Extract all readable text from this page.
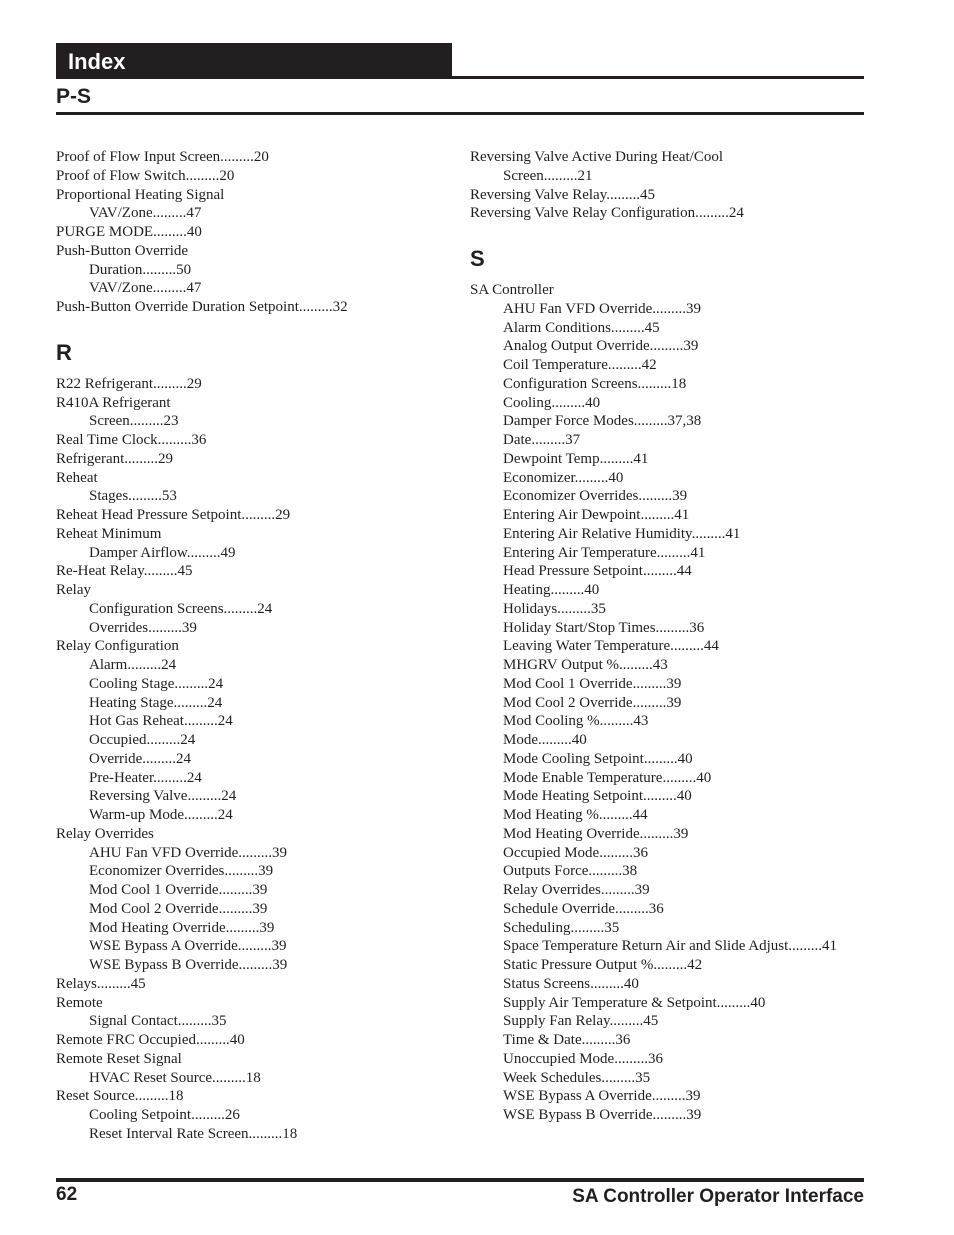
Index
P-S
Proof of Flow Input Screen.........20
Proof of Flow Switch.........20
Proportional Heating Signal
VAV/Zone.........47
PURGE MODE.........40
Push-Button Override
Duration.........50
VAV/Zone.........47
Push-Button Override Duration Setpoint.........32
R
R22 Refrigerant.........29
R410A Refrigerant
Screen.........23
Real Time Clock.........36
Refrigerant.........29
Reheat
Stages.........53
Reheat Head Pressure Setpoint.........29
Reheat Minimum
Damper Airflow.........49
Re-Heat Relay.........45
Relay
Configuration Screens.........24
Overrides.........39
Relay Configuration
Alarm.........24
Cooling Stage.........24
Heating Stage.........24
Hot Gas Reheat.........24
Occupied.........24
Override.........24
Pre-Heater.........24
Reversing Valve.........24
Warm-up Mode.........24
Relay Overrides
AHU Fan VFD Override.........39
Economizer Overrides.........39
Mod Cool 1 Override.........39
Mod Cool 2 Override.........39
Mod Heating Override.........39
WSE Bypass A Override.........39
WSE Bypass B Override.........39
Relays.........45
Remote
Signal Contact.........35
Remote FRC Occupied.........40
Remote Reset Signal
HVAC Reset Source.........18
Reset Source.........18
Cooling Setpoint.........26
Reset Interval Rate Screen.........18
Reversing Valve Active During Heat/Cool
Screen.........21
Reversing Valve Relay.........45
Reversing Valve Relay Configuration.........24
S
SA Controller
AHU Fan VFD Override.........39
Alarm Conditions.........45
Analog Output Override.........39
Coil Temperature.........42
Configuration Screens.........18
Cooling.........40
Damper Force Modes.........37,38
Date.........37
Dewpoint Temp.........41
Economizer.........40
Economizer Overrides.........39
Entering Air Dewpoint.........41
Entering Air Relative Humidity.........41
Entering Air Temperature.........41
Head Pressure Setpoint.........44
Heating.........40
Holidays.........35
Holiday Start/Stop Times.........36
Leaving Water Temperature.........44
MHGRV Output %.........43
Mod Cool 1 Override.........39
Mod Cool 2 Override.........39
Mod Cooling %.........43
Mode.........40
Mode Cooling Setpoint.........40
Mode Enable Temperature.........40
Mode Heating Setpoint.........40
Mod Heating %.........44
Mod Heating Override.........39
Occupied Mode.........36
Outputs Force.........38
Relay Overrides.........39
Schedule Override.........36
Scheduling.........35
Space Temperature Return Air and Slide Adjust.........41
Static Pressure Output %.........42
Status Screens.........40
Supply Air Temperature & Setpoint.........40
Supply Fan Relay.........45
Time & Date.........36
Unoccupied Mode.........36
Week Schedules.........35
WSE Bypass A Override.........39
WSE Bypass B Override.........39
62	SA Controller Operator Interface
